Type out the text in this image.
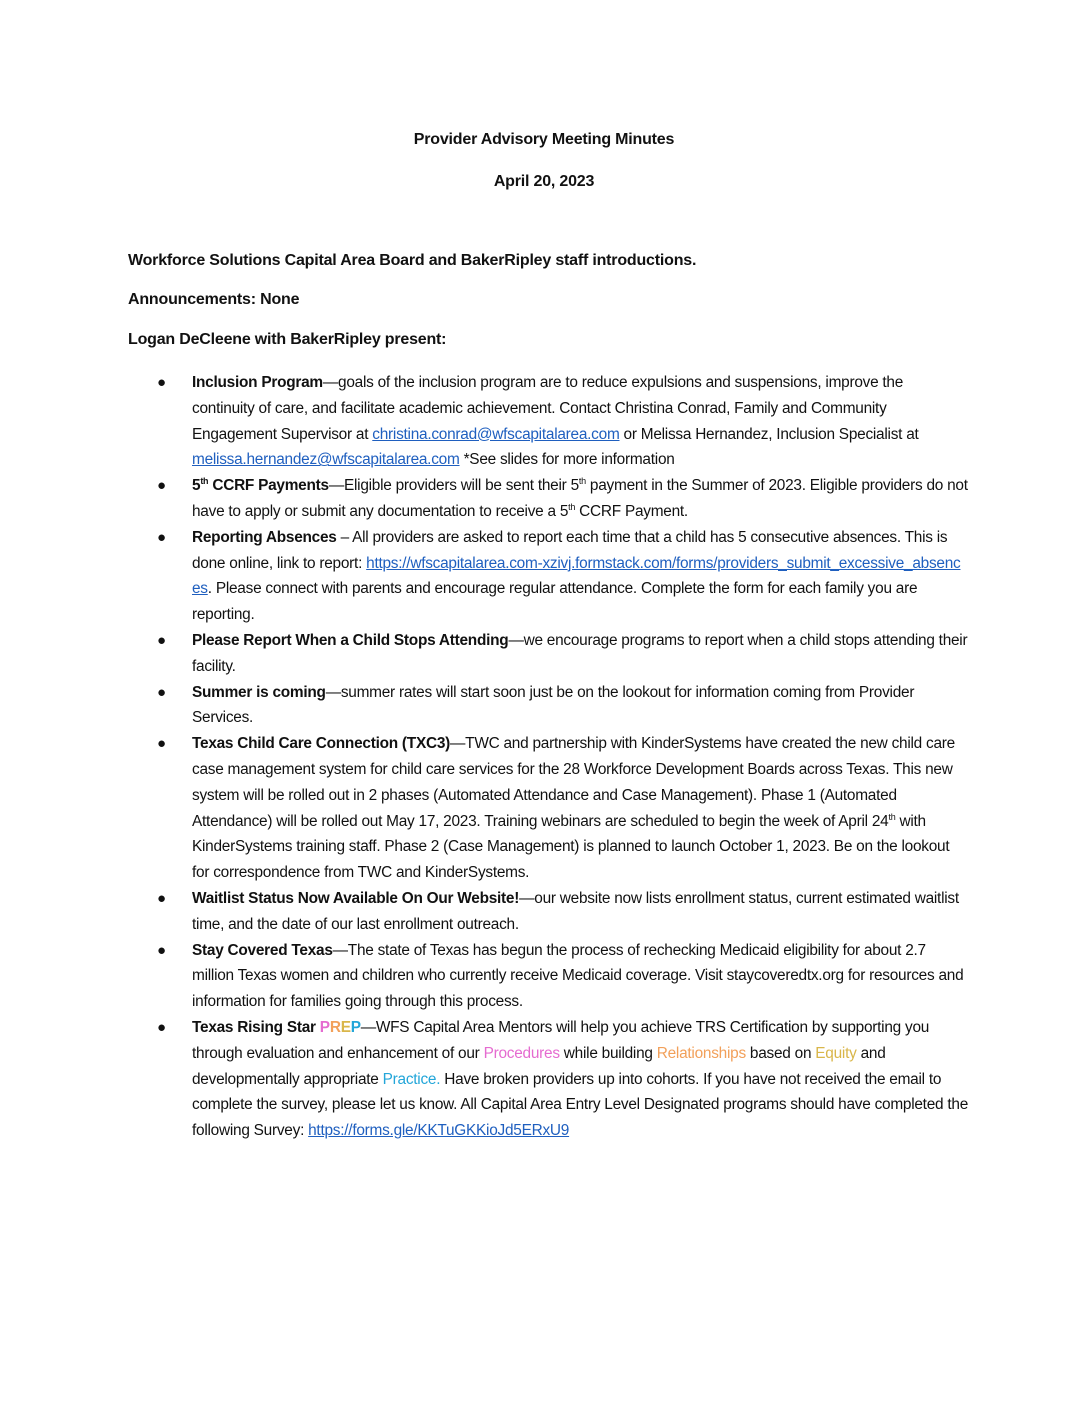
Provider Advisory Meeting Minutes
April 20, 2023
Workforce Solutions Capital Area Board and BakerRipley staff introductions.
Announcements: None
Logan DeCleene with BakerRipley present:
● Inclusion Program—goals of the inclusion program are to reduce expulsions and suspensions, improve the continuity of care, and facilitate academic achievement. Contact Christina Conrad, Family and Community Engagement Supervisor at christina.conrad@wfscapitalarea.com or Melissa Hernandez, Inclusion Specialist at melissa.hernandez@wfscapitalarea.com *See slides for more information
● 5th CCRF Payments—Eligible providers will be sent their 5th payment in the Summer of 2023. Eligible providers do not have to apply or submit any documentation to receive a 5th CCRF Payment.
● Reporting Absences – All providers are asked to report each time that a child has 5 consecutive absences. This is done online, link to report: https://wfscapitalarea.com-xzivj.formstack.com/forms/providers_submit_excessive_absences. Please connect with parents and encourage regular attendance. Complete the form for each family you are reporting.
● Please Report When a Child Stops Attending—we encourage programs to report when a child stops attending their facility.
● Summer is coming—summer rates will start soon just be on the lookout for information coming from Provider Services.
● Texas Child Care Connection (TXC3)—TWC and partnership with KinderSystems have created the new child care case management system for child care services for the 28 Workforce Development Boards across Texas. This new system will be rolled out in 2 phases (Automated Attendance and Case Management). Phase 1 (Automated Attendance) will be rolled out May 17, 2023. Training webinars are scheduled to begin the week of April 24th with KinderSystems training staff. Phase 2 (Case Management) is planned to launch October 1, 2023. Be on the lookout for correspondence from TWC and KinderSystems.
● Waitlist Status Now Available On Our Website!—our website now lists enrollment status, current estimated waitlist time, and the date of our last enrollment outreach.
● Stay Covered Texas—The state of Texas has begun the process of rechecking Medicaid eligibility for about 2.7 million Texas women and children who currently receive Medicaid coverage. Visit staycoveredtx.org for resources and information for families going through this process.
● Texas Rising Star PREP—WFS Capital Area Mentors will help you achieve TRS Certification by supporting you through evaluation and enhancement of our Procedures while building Relationships based on Equity and developmentally appropriate Practice. Have broken providers up into cohorts. If you have not received the email to complete the survey, please let us know. All Capital Area Entry Level Designated programs should have completed the following Survey: https://forms.gle/KKTuGKKioJd5ERxU9
